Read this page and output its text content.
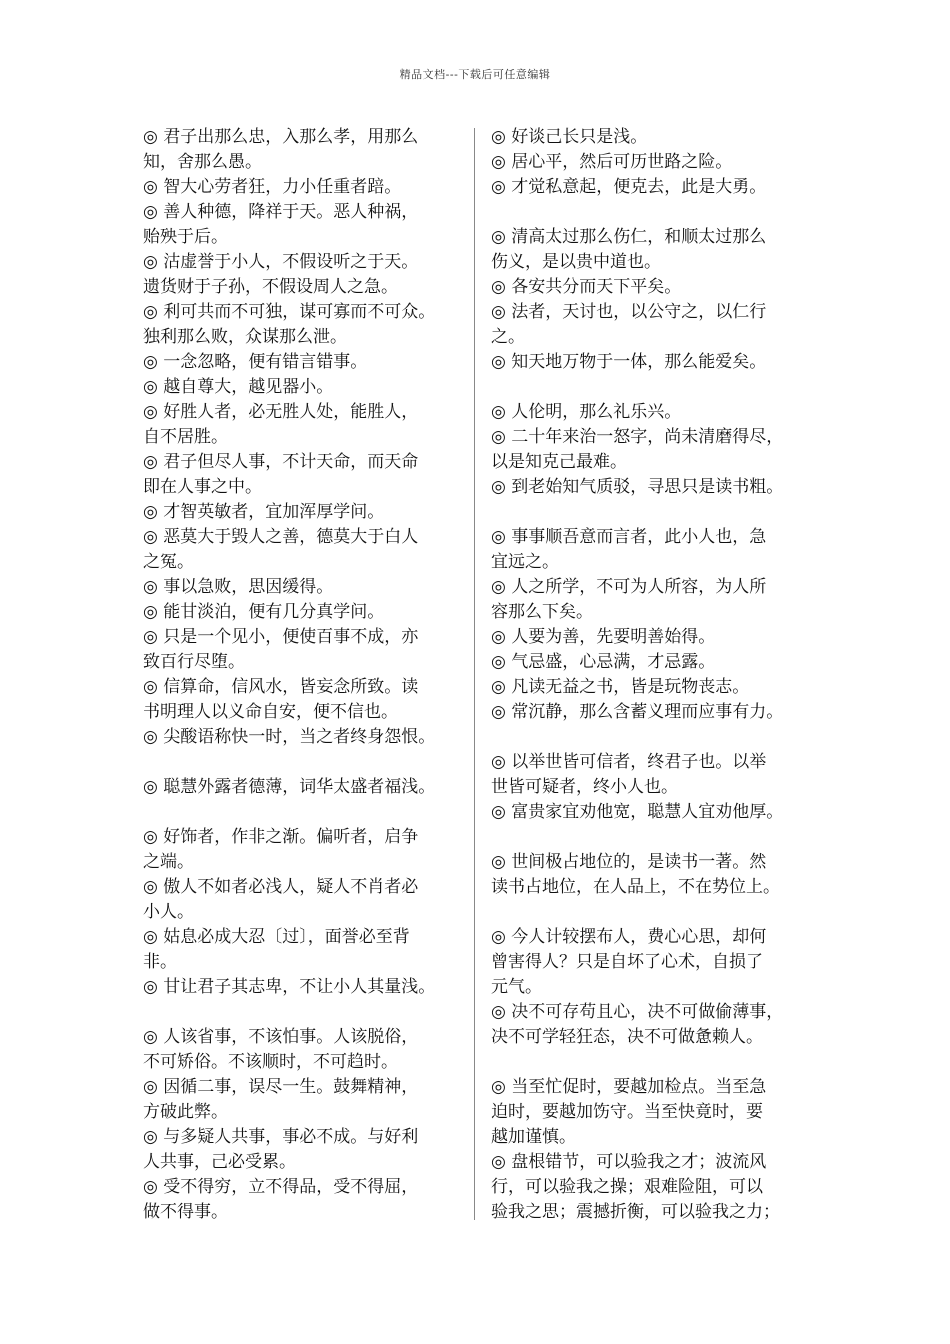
精品文档---下载后可任意编辑

◎ 君子出那么忠，入那么孝，用那么

知，舍那么愚。

◎ 智大心劳者狂，力小任重者踣。

◎ 善人种德，降祥于天。恶人种祸，

贻殃于后。

◎ 沽虚誉于小人，不假设听之于天。

遗货财于子孙，不假设周人之急。

◎ 利可共而不可独，谋可寡而不可众。

独利那么败，众谋那么泄。

◎ 一念忽略，便有错言错事。

◎ 越自尊大，越见器小。

◎ 好胜人者，必无胜人处，能胜人，

自不居胜。

◎ 君子但尽人事，不计天命，而天命

即在人事之中。

◎ 才智英敏者，宜加浑厚学问。

◎ 恶莫大于毁人之善，德莫大于白人

之冤。

◎ 事以急败，思因缓得。

◎ 能甘淡泊，便有几分真学问。

◎ 只是一个见小，便使百事不成，亦

致百行尽堕。

◎ 信算命，信风水，皆妄念所致。读

书明理人以义命自安，便不信也。

◎ 尖酸语称快一时，当之者终身怨恨。

◎ 聪慧外露者德薄，词华太盛者福浅。

◎ 好饰者，作非之渐。偏听者，启争

之端。

◎ 傲人不如者必浅人，疑人不肖者必

小人。

◎ 姑息必成大忍〔过〕，面誉必至背

非。

◎ 甘让君子其志卑，不让小人其量浅。

◎ 人该省事，不该怕事。人该脱俗，

不可矫俗。不该顺时，不可趋时。

◎ 因循二事，误尽一生。鼓舞精神，

方破此弊。

◎ 与多疑人共事，事必不成。与好利

人共事，己必受累。

◎ 受不得穷，立不得品，受不得屈，

做不得事。

◎ 好谈己长只是浅。

◎ 居心平，然后可历世路之险。

◎ 才觉私意起，便克去，此是大勇。

◎ 清高太过那么伤仁，和顺太过那么

伤义，是以贵中道也。

◎ 各安共分而天下平矣。

◎ 法者，天讨也，以公守之，以仁行

之。

◎ 知天地万物于一体，那么能爱矣。

◎ 人伦明，那么礼乐兴。

◎ 二十年来治一怒字，尚未清磨得尽，

以是知克己最难。

◎ 到老始知气质驳，寻思只是读书粗。

◎ 事事顺吾意而言者，此小人也，急

宜远之。

◎ 人之所学，不可为人所容，为人所

容那么下矣。

◎ 人要为善，先要明善始得。

◎ 气忌盛，心忌满，才忌露。

◎ 凡读无益之书，皆是玩物丧志。

◎ 常沉静，那么含蓄义理而应事有力。

◎ 以举世皆可信者，终君子也。以举

世皆可疑者，终小人也。

◎ 富贵家宜劝他宽，聪慧人宜劝他厚。

◎ 世间极占地位的，是读书一著。然

读书占地位，在人品上，不在势位上。

◎ 今人计较摆布人，费心心思，却何

曾害得人？只是自坏了心术，自损了

元气。

◎ 决不可存苟且心，决不可做偷薄事，

决不可学轻狂态，决不可做惫赖人。

◎ 当至忙促时，要越加检点。当至急

迫时，要越加饬守。当至快竟时，要

越加谨慎。

◎ 盘根错节，可以验我之才；波流风

行，可以验我之操；艰难险阻，可以

验我之思；震撼折衡，可以验我之力；
